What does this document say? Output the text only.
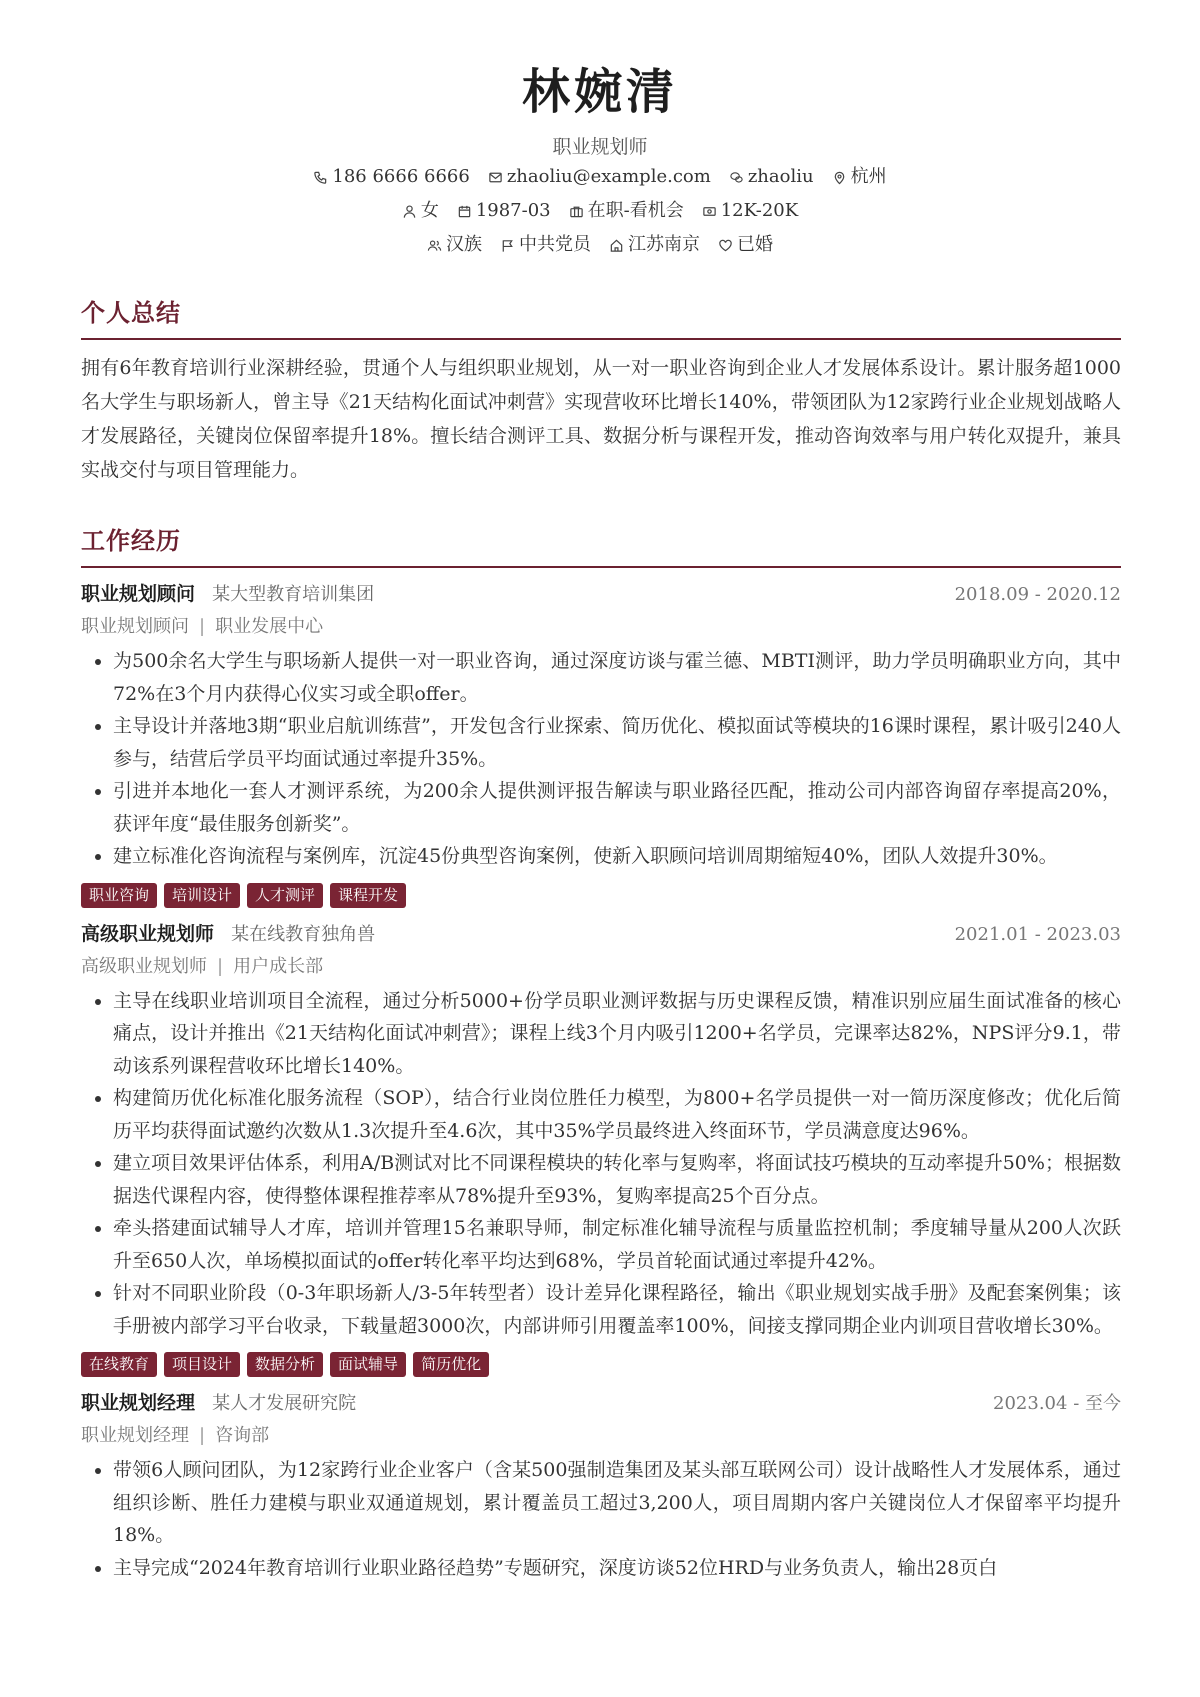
林婉清
职业规划师
186 6666 6666 zhaoliu@example.com zhaoliu 杭州
女 1987-03 在职-看机会 12K-20K
汉族 中共党员 江苏南京 已婚
个人总结
拥有6年教育培训行业深耕经验，贯通个人与组织职业规划，从一对一职业咨询到企业人才发展体系设计。累计服务超1000名大学生与职场新人，曾主导《21天结构化面试冲刺营》实现营收环比增长140%，带领团队为12家跨行业企业规划战略人才发展路径，关键岗位保留率提升18%。擅长结合测评工具、数据分析与课程开发，推动咨询效率与用户转化双提升，兼具实战交付与项目管理能力。
工作经历
职业规划顾问 某大型教育培训集团	2018.09 - 2020.12
职业规划顾问 | 职业发展中心
• 为500余名大学生与职场新人提供一对一职业咨询，通过深度访谈与霍兰德、MBTI测评，助力学员明确职业方向，其中72%在3个月内获得心仪实习或全职offer。
• 主导设计并落地3期“职业启航训练营”，开发包含行业探索、简历优化、模拟面试等模块的16课时课程，累计吸引240人参与，结营后学员平均面试通过率提升35%。
• 引进并本地化一套人才测评系统，为200余人提供测评报告解读与职业路径匹配，推动公司内部咨询留存率提高20%，获评年度“最佳服务创新奖”。
• 建立标准化咨询流程与案例库，沉淀45份典型咨询案例，使新入职顾问培训周期缩短40%，团队人效提升30%。
职业咨询	培训设计	人才测评	课程开发
高级职业规划师 某在线教育独角兽	2021.01 - 2023.03
高级职业规划师 | 用户成长部
• 主导在线职业培训项目全流程，通过分析5000+份学员职业测评数据与历史课程反馈，精准识别应届生面试准备的核心痛点，设计并推出《21天结构化面试冲刺营》；课程上线3个月内吸引1200+名学员，完课率达82%，NPS评分9.1，带动该系列课程营收环比增长140%。
• 构建简历优化标准化服务流程（SOP），结合行业岗位胜任力模型，为800+名学员提供一对一简历深度修改；优化后简历平均获得面试邀约次数从1.3次提升至4.6次，其中35%学员最终进入终面环节，学员满意度达96%。
• 建立项目效果评估体系，利用A/B测试对比不同课程模块的转化率与复购率，将面试技巧模块的互动率提升50%；根据数据迭代课程内容，使得整体课程推荐率从78%提升至93%，复购率提高25个百分点。
• 牵头搭建面试辅导人才库，培训并管理15名兼职导师，制定标准化辅导流程与质量监控机制；季度辅导量从200人次跃升至650人次，单场模拟面试的offer转化率平均达到68%，学员首轮面试通过率提升42%。
• 针对不同职业阶段（0-3年职场新人/3-5年转型者）设计差异化课程路径，输出《职业规划实战手册》及配套案例集；该手册被内部学习平台收录，下载量超3000次，内部讲师引用覆盖率100%，间接支撑同期企业内训项目营收增长30%。
在线教育	项目设计	数据分析	面试辅导	简历优化
职业规划经理 某人才发展研究院	2023.04 - 至今
职业规划经理 | 咨询部
• 带领6人顾问团队，为12家跨行业企业客户（含某500强制造集团及某头部互联网公司）设计战略性人才发展体系，通过组织诊断、胜任力建模与职业双通道规划，累计覆盖员工超过3,200人，项目周期内客户关键岗位人才保留率平均提升18%。
• 主导完成“2024年教育培训行业职业路径趋势”专题研究，深度访谈52位HRD与业务负责人，输出28页白
